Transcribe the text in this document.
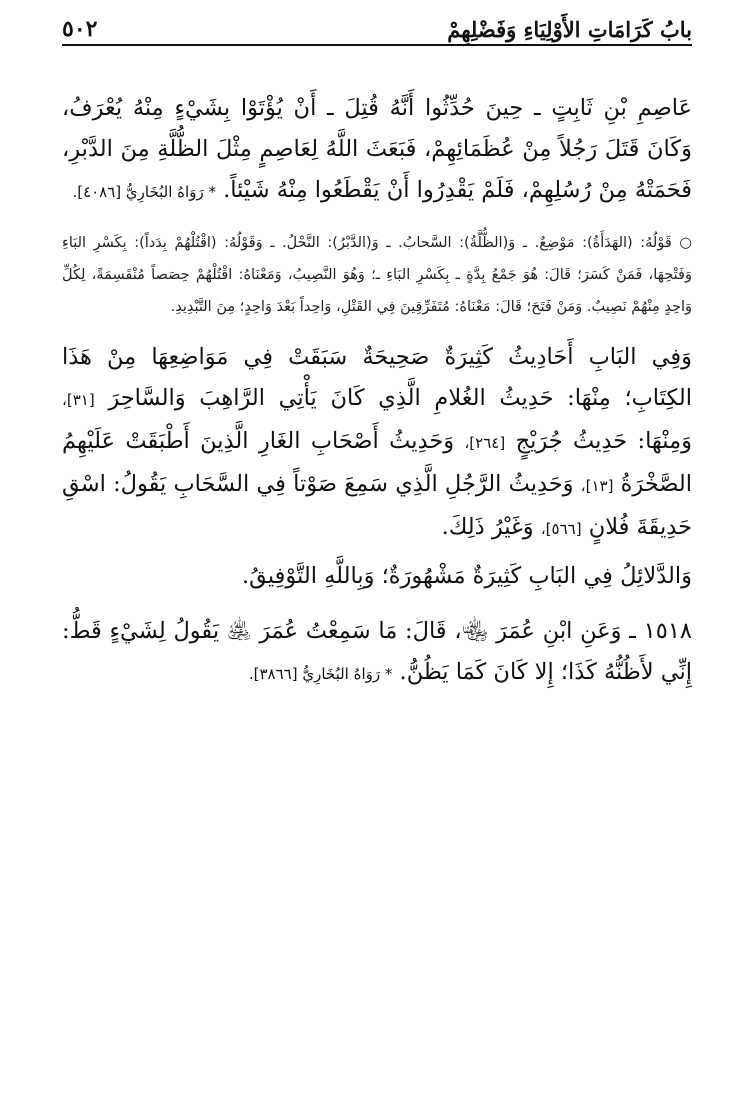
بابُ كَرَامَاتِ الأَوْلِيَاءِ وَفَضْلِهِمْ
٥٠٢

عَاصِمِ بْنِ ثَابِتٍ ـ حِينَ حُدِّثُوا أَنَّهُ قُتِلَ ـ أَنْ يُؤْتَوْا بِشَيْءٍ مِنْهُ يُعْرَفُ، وَكَانَ قَتَلَ رَجُلاً مِنْ عُظَمَائِهِمْ، فَبَعَثَ اللَّهُ لِعَاصِمٍ مِثْلَ الظُّلَّةِ مِنَ الدَّبْرِ، فَحَمَتْهُ مِنْ رُسُلِهِمْ، فَلَمْ يَقْدِرُوا أَنْ يَقْطَعُوا مِنْهُ شَيْئاً. * رَوَاهُ البُخَارِيُّ [٤٠٨٦].

○ قَوْلُهُ: (الهَدَأَةُ): مَوْضِعٌ. ـ وَ(الظُّلَّةُ): السَّحابُ. ـ وَ(الدَّبْرُ): النَّحْلُ. ـ وَقَوْلُهُ: (اقْتُلْهُمْ بِدَداً): بِكَسْرِ البَاءِ وَفَتْحِهَا، فَمَنْ كَسَرَ؛ قَالَ: هُوَ جَمْعُ بِدَّةٍ ـ بِكَسْرِ البَاءِ ـ؛ وَهُوَ النَّصِيبُ، وَمَعْنَاهُ: اقْتُلْهُمْ حِصَصاً مُنْقَسِمَةً، لِكُلِّ وَاحِدٍ مِنْهُمْ نَصِيبٌ. وَمَنْ فَتَحَ؛ قَالَ: مَعْنَاهُ: مُتَفَرِّقِينَ فِي القَتْلِ، وَاحِداً بَعْدَ وَاحِدٍ؛ مِنَ التَّبْدِيدِ.

وَفِي البَابِ أَحَادِيثُ كَثِيرَةٌ صَحِيحَةٌ سَبَقَتْ فِي مَوَاضِعِهَا مِنْ هَذَا الكِتَابِ؛ مِنْهَا: حَدِيثُ الغُلامِ الَّذِي كَانَ يَأْتِي الرَّاهِبَ وَالسَّاحِرَ [٣١]، وَمِنْهَا: حَدِيثُ جُرَيْجٍ [٢٦٤]، وَحَدِيثُ أَصْحَابِ الغَارِ الَّذِينَ أَطْبَقَتْ عَلَيْهِمُ الصَّخْرَةُ [١٣]، وَحَدِيثُ الرَّجُلِ الَّذِي سَمِعَ صَوْتاً فِي السَّحَابِ يَقُولُ: اسْقِ حَدِيقَةَ فُلانٍ [٥٦٦]، وَغَيْرُ ذَلِكَ.

وَالدَّلائِلُ فِي البَابِ كَثِيرَةٌ مَشْهُورَةٌ؛ وَبِاللَّهِ التَّوْفِيقُ.

١٥١٨ ـ وَعَنِ ابْنِ عُمَرَ ﵄، قَالَ: مَا سَمِعْتُ عُمَرَ ﵁ يَقُولُ لِشَيْءٍ قَطُّ: إِنِّي لأَظُنُّهُ كَذَا؛ إِلا كَانَ كَمَا يَظُنُّ. * رَوَاهُ البُخَارِيُّ [٣٨٦٦].
